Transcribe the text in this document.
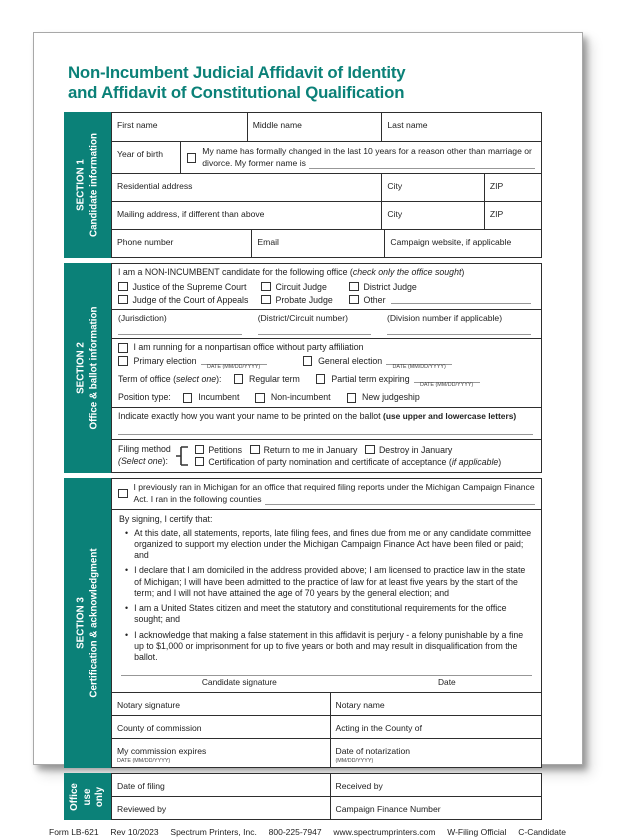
Non-Incumbent Judicial Affidavit of Identity
and Affidavit of Constitutional Qualification
SECTION 1 Candidate information
First name	Middle name	Last name
Year of birth	My name has formally changed in the last 10 years for a reason other than marriage or
divorce. My former name is
Residential address	City	ZIP
Mailing address, if different than above	City	ZIP
Phone number	Email	Campaign website, if applicable
SECTION 2 Office & ballot information
I am a NON-INCUMBENT candidate for the following office (check only the office sought)
Justice of the Supreme Court	Circuit Judge	District Judge
Judge of the Court of Appeals	Probate Judge	Other
(Jurisdiction)	(District/Circuit number)	(Division number if applicable)
I am running for a nonpartisan office without party affiliation
Primary election
DATE (MM/DD/YYYY)
General election
DATE (MM/DD/YYYY)
Term of office (select one):	Regular term	Partial term expiring
DATE (MM/DD/YYYY)
Position type:	Incumbent	Non-incumbent	New judgeship
Indicate exactly how you want your name to be printed on the ballot (use upper and lowercase letters)
Filing method
(Select one):
Petitions Return to me in January Destroy in January
Certification of party nomination and certificate of acceptance (if applicable)
SECTION 3 Certification & acknowledgment
I previously ran in Michigan for an office that required filing reports under the Michigan Campaign Finance
Act. I ran in the following counties
By signing, I certify that:
• At this date, all statements, reports, late filing fees, and fines due from me or any candidate committee organized to support my election under the Michigan Campaign Finance Act have been filed or paid; and
• I declare that I am domiciled in the address provided above; I am licensed to practice law in the state of Michigan; I will have been admitted to the practice of law for at least five years by the start of the term; and I will not have attained the age of 70 years by the general election; and
• I am a United States citizen and meet the statutory and constitutional requirements for the office sought; and
• I acknowledge that making a false statement in this affidavit is perjury - a felony punishable by a fine up to $1,000 or imprisonment for up to five years or both and may result in disqualification from the ballot.
Candidate signature	Date
Notary signature	Notary name
County of commission	Acting in the County of
My commission expires
DATE (MM/DD/YYYY)
Date of notarization
(MM/DD/YYYY)
Office use only
Date of filing	Received by
Reviewed by	Campaign Finance Number
Form LB-621 Rev 10/2023 Spectrum Printers, Inc. 800-225-7947 www.spectrumprinters.com W-Filing Official C-Candidate
